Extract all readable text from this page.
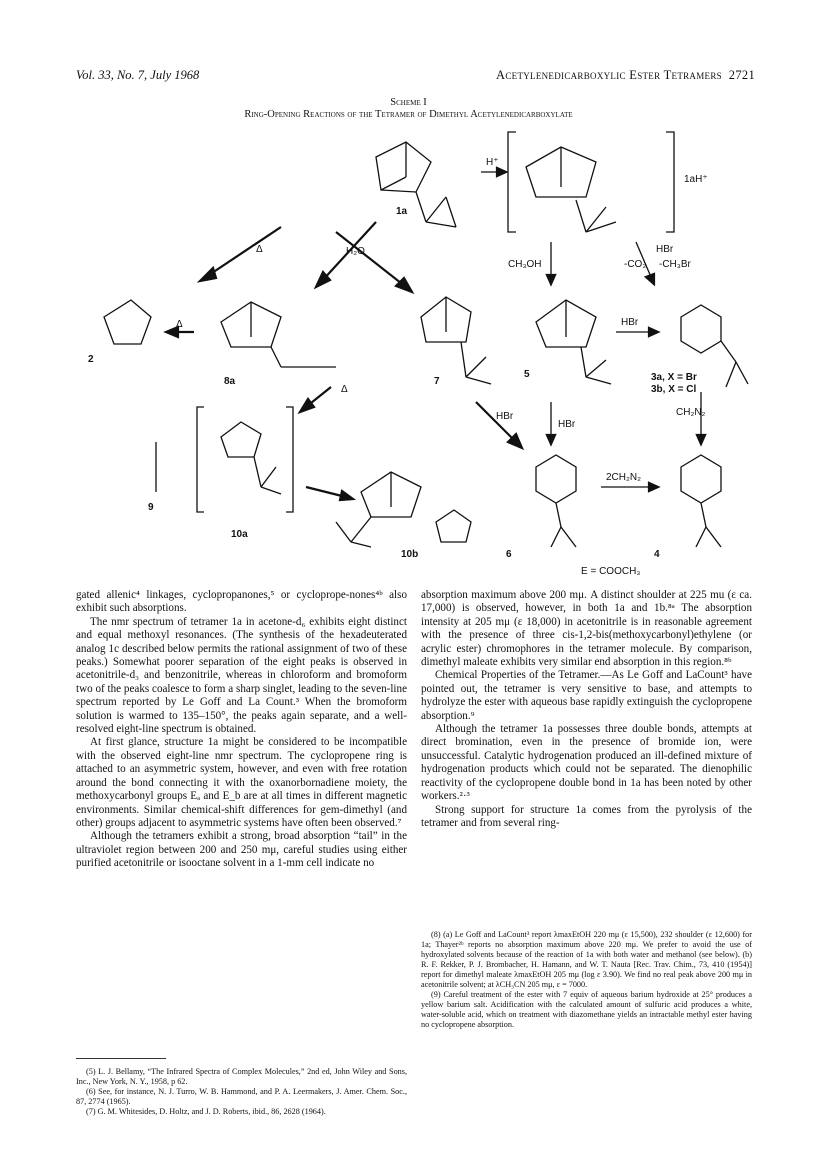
Vol. 33, No. 7, July 1968	Acetylenedicarboxylic Ester Tetramers 2721
Scheme I
Ring-Opening Reactions of the Tetramer of Dimethyl Acetylenedicarboxylate
1a
2
8a	7
5	3a, X = Br
3b, X = Cl
9
10a
10b	6	4
H⁺
1aH⁺
CH₃OH
HBr
-CO₂ -CH₃Br
H₂O
Δ
Δ
Δ
HBr
HBr
HBr
2CH₂N₂
CH₂N₂
E = COOCH₃

gated allenic⁴ linkages, cyclopropanones,⁵ or cycloprope-nones⁴ᵇ also exhibit such absorptions.

The nmr spectrum of tetramer 1a in acetone-d₆ exhibits eight distinct and equal methoxyl resonances. (The synthesis of the hexadeuterated analog 1c described below permits the rational assignment of two of these peaks.) Somewhat poorer separation of the eight peaks is observed in acetonitrile-d₃ and benzonitrile, whereas in chloroform and bromoform two of the peaks coalesce to form a sharp singlet, leading to the seven-line spectrum reported by Le Goff and La Count.³ When the bromoform solution is warmed to 135–150°, the peaks again separate, and a well-resolved eight-line spectrum is obtained.

At first glance, structure 1a might be considered to be incompatible with the observed eight-line nmr spectrum. The cyclopropene ring is attached to an asymmetric system, however, and even with free rotation around the bond connecting it with the oxanorbornadiene moiety, the methoxycarbonyl groups Eₐ and E_b are at all times in different magnetic environments. Similar chemical-shift differences for gem-dimethyl (and other) groups adjacent to asymmetric systems have often been observed.⁷

Although the tetramers exhibit a strong, broad absorption “tail” in the ultraviolet region between 200 and 250 mμ, careful studies using either purified acetonitrile or isooctane solvent in a 1-mm cell indicate no

absorption maximum above 200 mμ. A distinct shoulder at 225 mu (ε ca. 17,000) is observed, however, in both 1a and 1b.⁸ᵃ The absorption intensity at 205 mμ (ε 18,000) in acetonitrile is in reasonable agreement with the presence of three cis-1,2-bis(methoxycarbonyl)ethylene (or acrylic ester) chromophores in the tetramer molecule. By comparison, dimethyl maleate exhibits very similar end absorption in this region.⁸ᵇ

Chemical Properties of the Tetramer.—As Le Goff and LaCount³ have pointed out, the tetramer is very sensitive to base, and attempts to hydrolyze the ester with aqueous base rapidly extinguish the cyclopropene absorption.⁹

Although the tetramer 1a possesses three double bonds, attempts at direct bromination, even in the presence of bromide ion, were unsuccessful. Catalytic hydrogenation produced an ill-defined mixture of hydrogenation products which could not be separated. The dienophilic reactivity of the cyclopropene double bond in 1a has been noted by other workers.²·³

Strong support for structure 1a comes from the pyrolysis of the tetramer and from several ring-

(8) (a) Le Goff and LaCount³ report λmaxEtOH 220 mμ (ε 15,500), 232 shoulder (ε 12,600) for 1a; Thayer²ᵇ reports no absorption maximum above 220 mμ. We prefer to avoid the use of hydroxylated solvents because of the reaction of 1a with both water and methanol (see below). (b) R. F. Rekker, P. J. Brombacher, H. Hamann, and W. T. Nauta [Rec. Trav. Chim., 73, 410 (1954)] report for dimethyl maleate λmaxEtOH 205 mμ (log ε 3.90). We find no real peak above 200 mμ in acetonitrile solvent; at λCH₃CN 205 mμ, ε = 7000.

(9) Careful treatment of the ester with 7 equiv of aqueous barium hydroxide at 25° produces a yellow barium salt. Acidification with the calculated amount of sulfuric acid produces a white, water-soluble acid, which on treatment with diazomethane yields an intractable methyl ester having no cyclopropene absorption.

(5) L. J. Bellamy, “The Infrared Spectra of Complex Molecules,” 2nd ed, John Wiley and Sons, Inc., New York, N. Y., 1958, p 62.

(6) See, for instance, N. J. Turro, W. B. Hammond, and P. A. Leermakers, J. Amer. Chem. Soc., 87, 2774 (1965).

(7) G. M. Whitesides, D. Holtz, and J. D. Roberts, ibid., 86, 2628 (1964).
